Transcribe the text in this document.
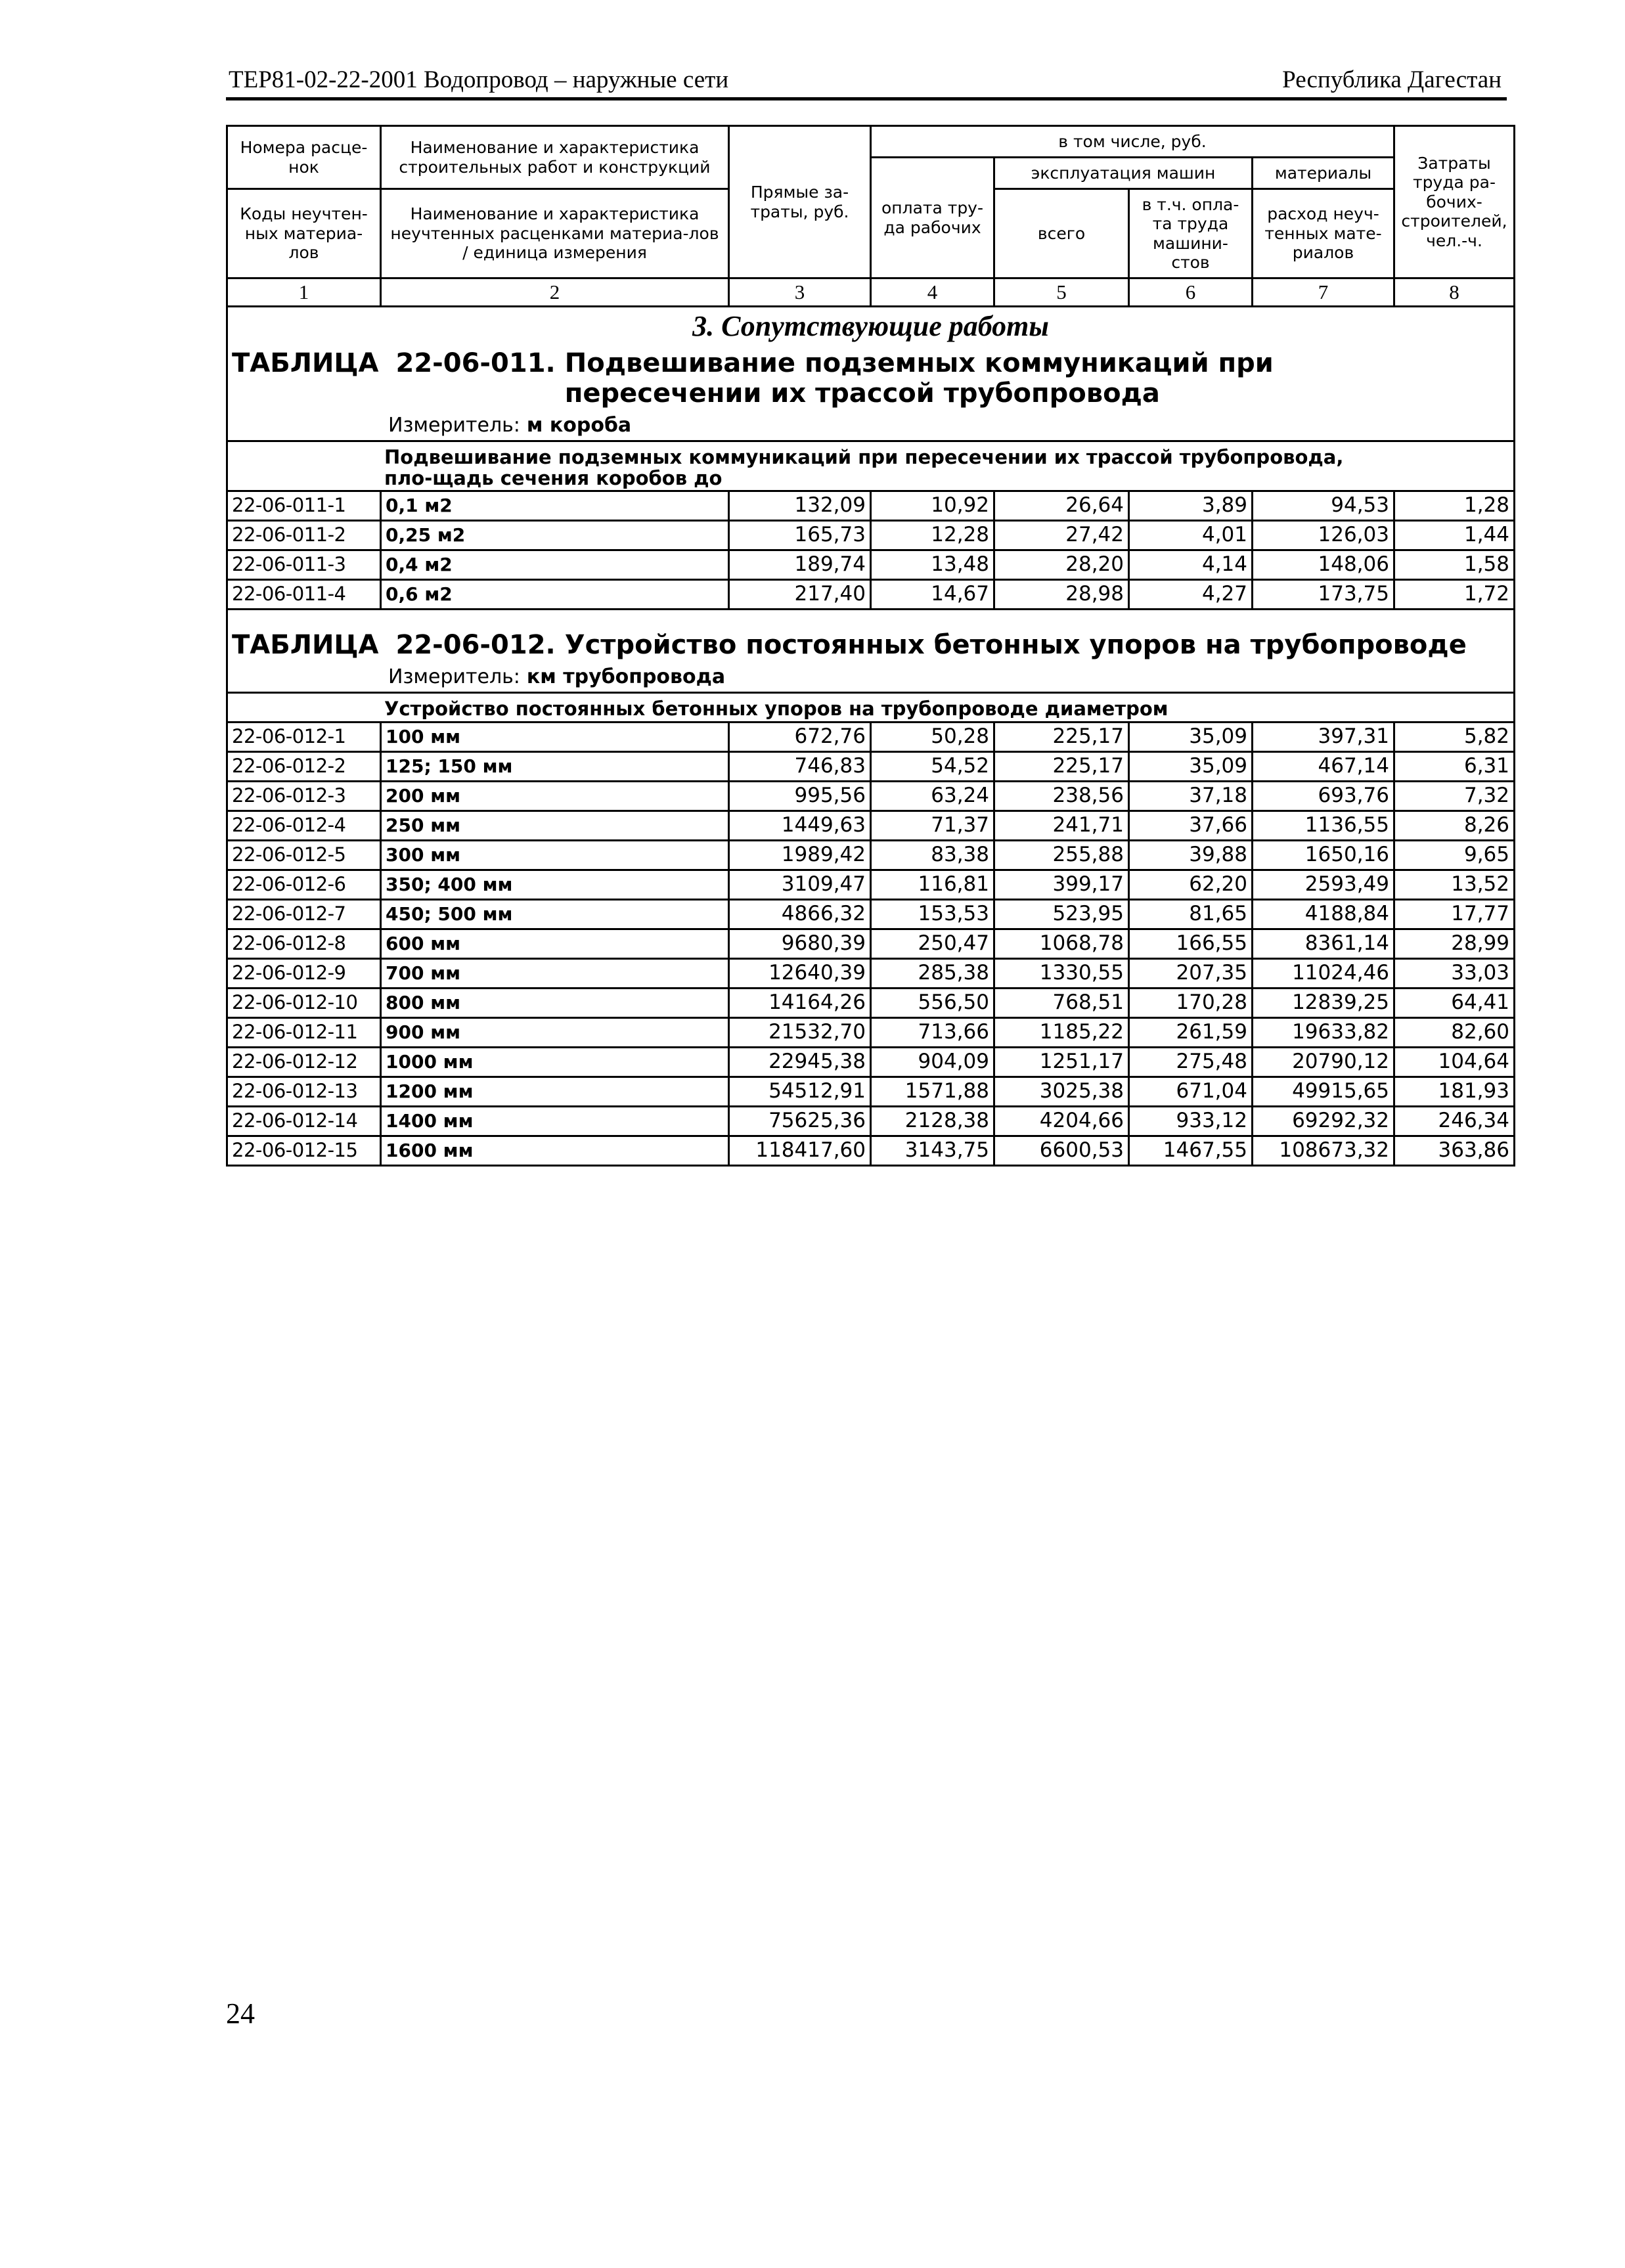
ТЕР81-02-22-2001 Водопровод – наружные сети	Республика Дагестан
Номера расце-нок	Наименование и характеристика строительных работ и конструкций	Прямые за-траты, руб.	в том числе, руб.				Затраты труда ра-бочих-строителей, чел.-ч.
			оплата тру-да рабочих	эксплуатация машин		материалы	
Коды неучтен-ных материа-лов	Наименование и характеристика неучтенных расценками материа-лов / единица измерения			всего	в т.ч. опла-та труда машини-стов	расход неуч-тенных мате-риалов	

1	2	3	4	5	6	7	8
3. Сопутствующие работы							

ТАБЛИЦА 22-06-011. Подвешивание подземных коммуникаций при пересечении их трассой трубопровода
Измеритель: м короба							

Подвешивание подземных коммуникаций при пересечении их трассой трубопровода, пло-щадь сечения коробов до							
22-06-011-1	0,1 м2	132,09	10,92	26,64	3,89	94,53	1,28
22-06-011-2	0,25 м2	165,73	12,28	27,42	4,01	126,03	1,44
22-06-011-3	0,4 м2	189,74	13,48	28,20	4,14	148,06	1,58
22-06-011-4	0,6 м2	217,40	14,67	28,98	4,27	173,75	1,72

ТАБЛИЦА 22-06-012. Устройство постоянных бетонных упоров на трубопроводе
Измеритель: км трубопровода							

Устройство постоянных бетонных упоров на трубопроводе диаметром							
22-06-012-1	100 мм	672,76	50,28	225,17	35,09	397,31	5,82
22-06-012-2	125; 150 мм	746,83	54,52	225,17	35,09	467,14	6,31
22-06-012-3	200 мм	995,56	63,24	238,56	37,18	693,76	7,32
22-06-012-4	250 мм	1449,63	71,37	241,71	37,66	1136,55	8,26
22-06-012-5	300 мм	1989,42	83,38	255,88	39,88	1650,16	9,65
22-06-012-6	350; 400 мм	3109,47	116,81	399,17	62,20	2593,49	13,52
22-06-012-7	450; 500 мм	4866,32	153,53	523,95	81,65	4188,84	17,77
22-06-012-8	600 мм	9680,39	250,47	1068,78	166,55	8361,14	28,99
22-06-012-9	700 мм	12640,39	285,38	1330,55	207,35	11024,46	33,03
22-06-012-10	800 мм	14164,26	556,50	768,51	170,28	12839,25	64,41
22-06-012-11	900 мм	21532,70	713,66	1185,22	261,59	19633,82	82,60
22-06-012-12	1000 мм	22945,38	904,09	1251,17	275,48	20790,12	104,64
22-06-012-13	1200 мм	54512,91	1571,88	3025,38	671,04	49915,65	181,93
22-06-012-14	1400 мм	75625,36	2128,38	4204,66	933,12	69292,32	246,34
22-06-012-15	1600 мм	118417,60	3143,75	6600,53	1467,55	108673,32	363,86
24
